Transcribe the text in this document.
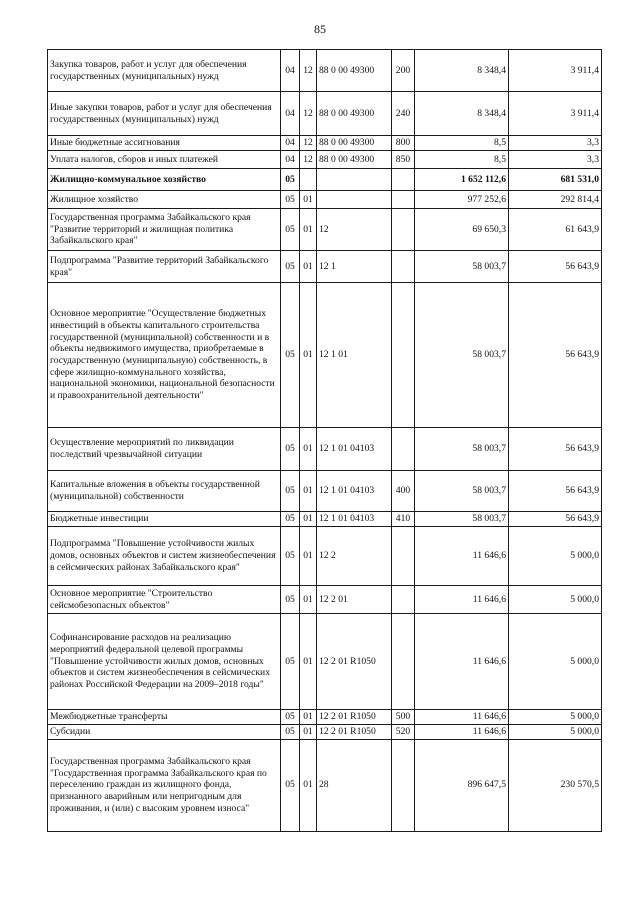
85
Закупка товаров, работ и услуг для обеспечения государственных (муниципальных) нужд	04	12	88 0 00 49300	200	8 348,4	3 911,4
Иные закупки товаров, работ и услуг для обеспечения государственных (муниципальных) нужд	04	12	88 0 00 49300	240	8 348,4	3 911,4
Иные бюджетные ассигнования	04	12	88 0 00 49300	800	8,5	3,3
Уплата налогов, сборов и иных платежей	04	12	88 0 00 49300	850	8,5	3,3
Жилищно-коммунальное хозяйство	05				1 652 112,6	681 531,0
Жилищное хозяйство	05	01			977 252,6	292 814,4
Государственная программа Забайкальского края "Развитие территорий и жилищная политика Забайкальского края"	05	01	12		69 650,3	61 643,9
Подпрограмма "Развитие территорий Забайкальского края"	05	01	12 1		58 003,7	56 643,9
Основное мероприятие "Осуществление бюджетных инвестиций в объекты капитального строительства государственной (муниципальной) собственности и в объекты недвижимого имущества, приобретаемые в государственную (муниципальную) собственность, в сфере жилищно-коммунального хозяйства, национальной экономики, национальной безопасности и правоохранительной деятельности"	05	01	12 1 01		58 003,7	56 643,9
Осуществление мероприятий по ликвидации последствий чрезвычайной ситуации	05	01	12 1 01 04103		58 003,7	56 643,9
Капитальные вложения в объекты государственной (муниципальной) собственности	05	01	12 1 01 04103	400	58 003,7	56 643,9
Бюджетные инвестиции	05	01	12 1 01 04103	410	58 003,7	56 643,9
Подпрограмма "Повышение устойчивости жилых домов, основных объектов и систем жизнеобеспечения в сейсмических районах Забайкальского края"	05	01	12 2		11 646,6	5 000,0
Основное мероприятие "Строительство сейсмобезопасных объектов"	05	01	12 2 01		11 646,6	5 000,0
Софинансирование расходов на реализацию мероприятий федеральной целевой программы "Повышение устойчивости жилых домов, основных объектов и систем жизнеобеспечения в сейсмических районах Российской Федерации на 2009–2018 годы"	05	01	12 2 01 R1050		11 646,6	5 000,0
Межбюджетные трансферты	05	01	12 2 01 R1050	500	11 646,6	5 000,0
Субсидии	05	01	12 2 01 R1050	520	11 646,6	5 000,0
Государственная программа Забайкальского края "Государственная программа Забайкальского края по переселению граждан из жилищного фонда, признанного аварийным или непригодным для проживания, и (или) с высоким уровнем износа"	05	01	28		896 647,5	230 570,5
